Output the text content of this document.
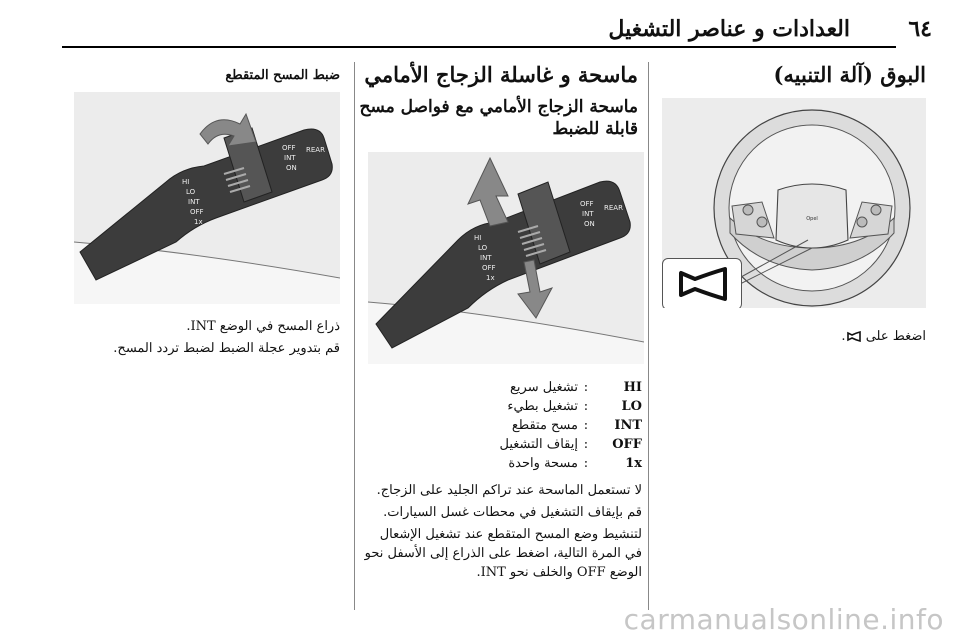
٦٤
العدادات و عناصر التشغيل
البوق (آلة التنبيه)
Opel
اضغط على .
ماسحة و غاسلة الزجاج الأمامي
ماسحة الزجاج الأمامي مع فواصل مسح قابلة للضبط
OFF
INT
ON
REAR
HI
LO
INT
OFF
1x
HI
:
تشغيل سريع
LO
:
تشغيل بطيء
INT
:
مسح متقطع
OFF
:
إيقاف التشغيل
1x
:
مسحة واحدة
لا تستعمل الماسحة عند تراكم الجليد على الزجاج.
قم بإيقاف التشغيل في محطات غسل السيارات.
لتنشيط وضع المسح المتقطع عند تشغيل الإشعال في المرة التالية، اضغط على الذراع إلى الأسفل نحو الوضع OFF والخلف نحو INT.
ضبط المسح المتقطع
OFF
INT
ON
REAR
HI
LO
INT
OFF
1x
ذراع المسح في الوضع INT.
قم بتدوير عجلة الضبط لضبط تردد المسح.
carmanualsonline.info
